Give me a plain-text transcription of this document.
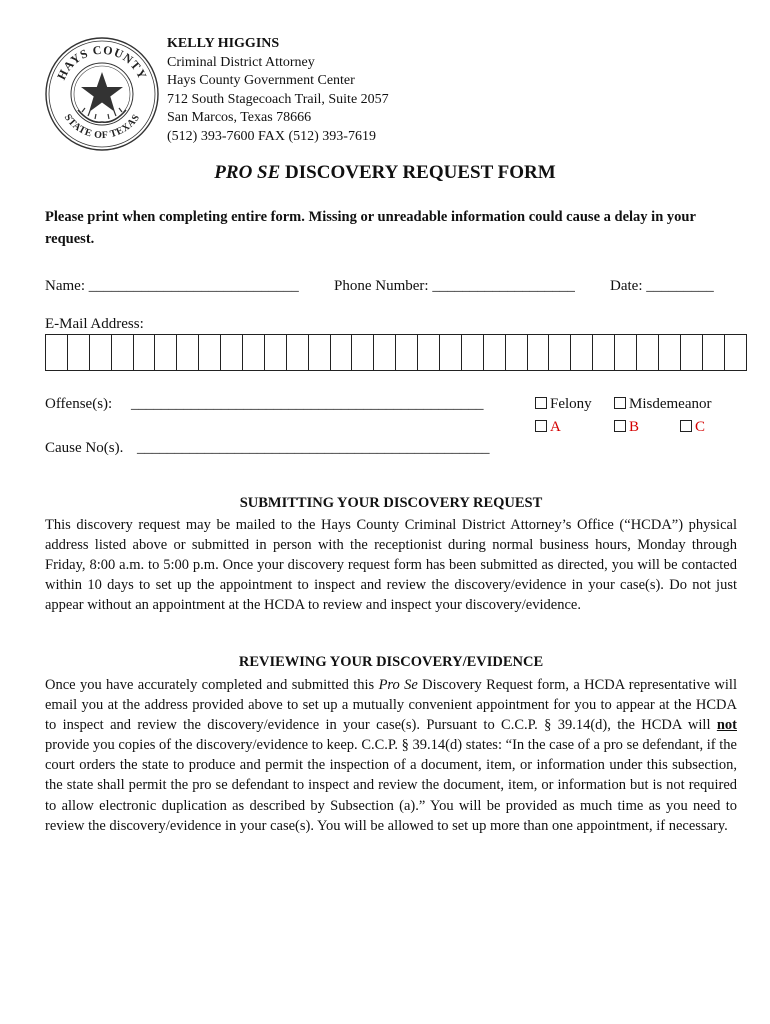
HAYS COUNTY
STATE OF TEXAS
KELLY HIGGINS
Criminal District Attorney
Hays County Government Center
712 South Stagecoach Trail, Suite 2057
San Marcos, Texas 78666
(512) 393-7600 FAX (512) 393-7619
PRO SE DISCOVERY REQUEST FORM
Please print when completing entire form. Missing or unreadable information could cause a delay in your request.
Name: ____________________________ Phone Number: ___________________ Date: _________
E-Mail Address:
Offense(s): _______________________________________________	Felony	Misdemeanor
A	B	C
Cause No(s). _______________________________________________
SUBMITTING YOUR DISCOVERY REQUEST
This discovery request may be mailed to the Hays County Criminal District Attorney’s Office (“HCDA”) physical address listed above or submitted in person with the receptionist during normal business hours, Monday through Friday, 8:00 a.m. to 5:00 p.m. Once your discovery request form has been submitted as directed, you will be contacted within 10 days to set up the appointment to inspect and review the discovery/evidence in your case(s). Do not just appear without an appointment at the HCDA to review and inspect your discovery/evidence.
REVIEWING YOUR DISCOVERY/EVIDENCE
Once you have accurately completed and submitted this Pro Se Discovery Request form, a HCDA representative will email you at the address provided above to set up a mutually convenient appointment for you to appear at the HCDA to inspect and review the discovery/evidence in your case(s). Pursuant to C.C.P. § 39.14(d), the HCDA will not provide you copies of the discovery/evidence to keep. C.C.P. § 39.14(d) states: “In the case of a pro se defendant, if the court orders the state to produce and permit the inspection of a document, item, or information under this subsection, the state shall permit the pro se defendant to inspect and review the document, item, or information but is not required to allow electronic duplication as described by Subsection (a).” You will be provided as much time as you need to review the discovery/evidence in your case(s). You will be allowed to set up more than one appointment, if necessary.
